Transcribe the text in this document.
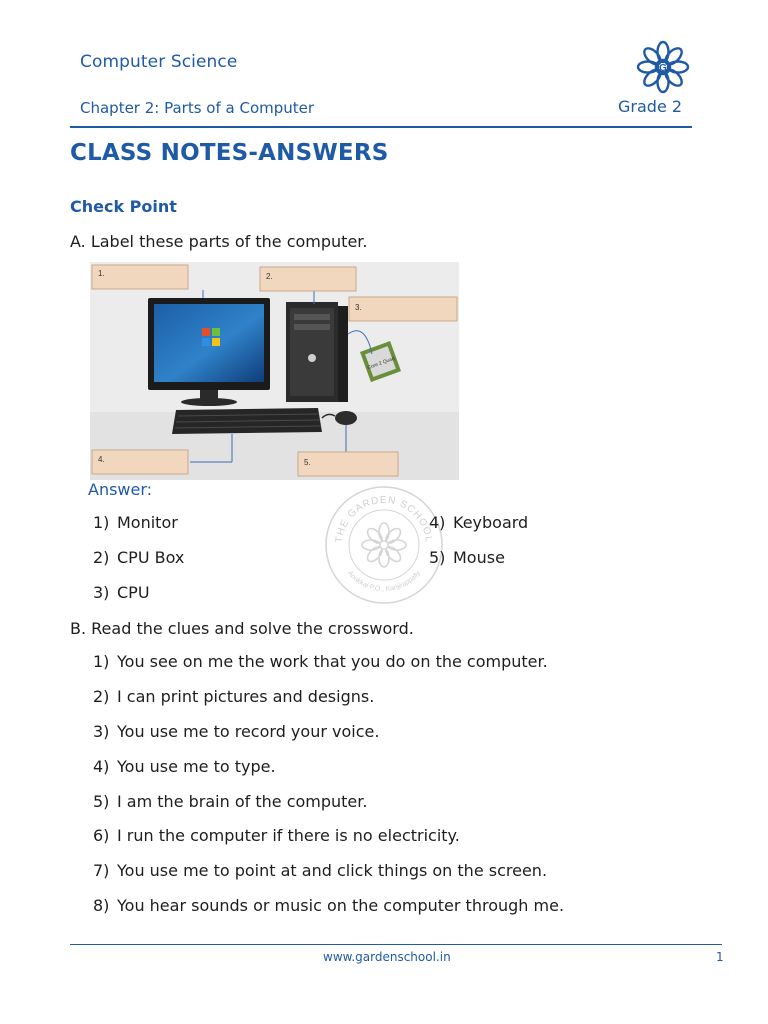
Computer Science
Chapter 2: Parts of a Computer	Grade 2
G
CLASS NOTES-ANSWERS
Check Point
A. Label these parts of the computer.
Core 2 Quad
1.	2.
3.
4.	5.
Answer:
THE GARDEN SCHOOL
Anakkal P.O., Kanjirappally
1) Monitor
2) CPU Box
3) CPU
4) Keyboard
5) Mouse
B. Read the clues and solve the crossword.
1) You see on me the work that you do on the computer.
2) I can print pictures and designs.
3) You use me to record your voice.
4) You use me to type.
5) I am the brain of the computer.
6) I run the computer if there is no electricity.
7) You use me to point at and click things on the screen.
8) You hear sounds or music on the computer through me.
www.gardenschool.in	1
